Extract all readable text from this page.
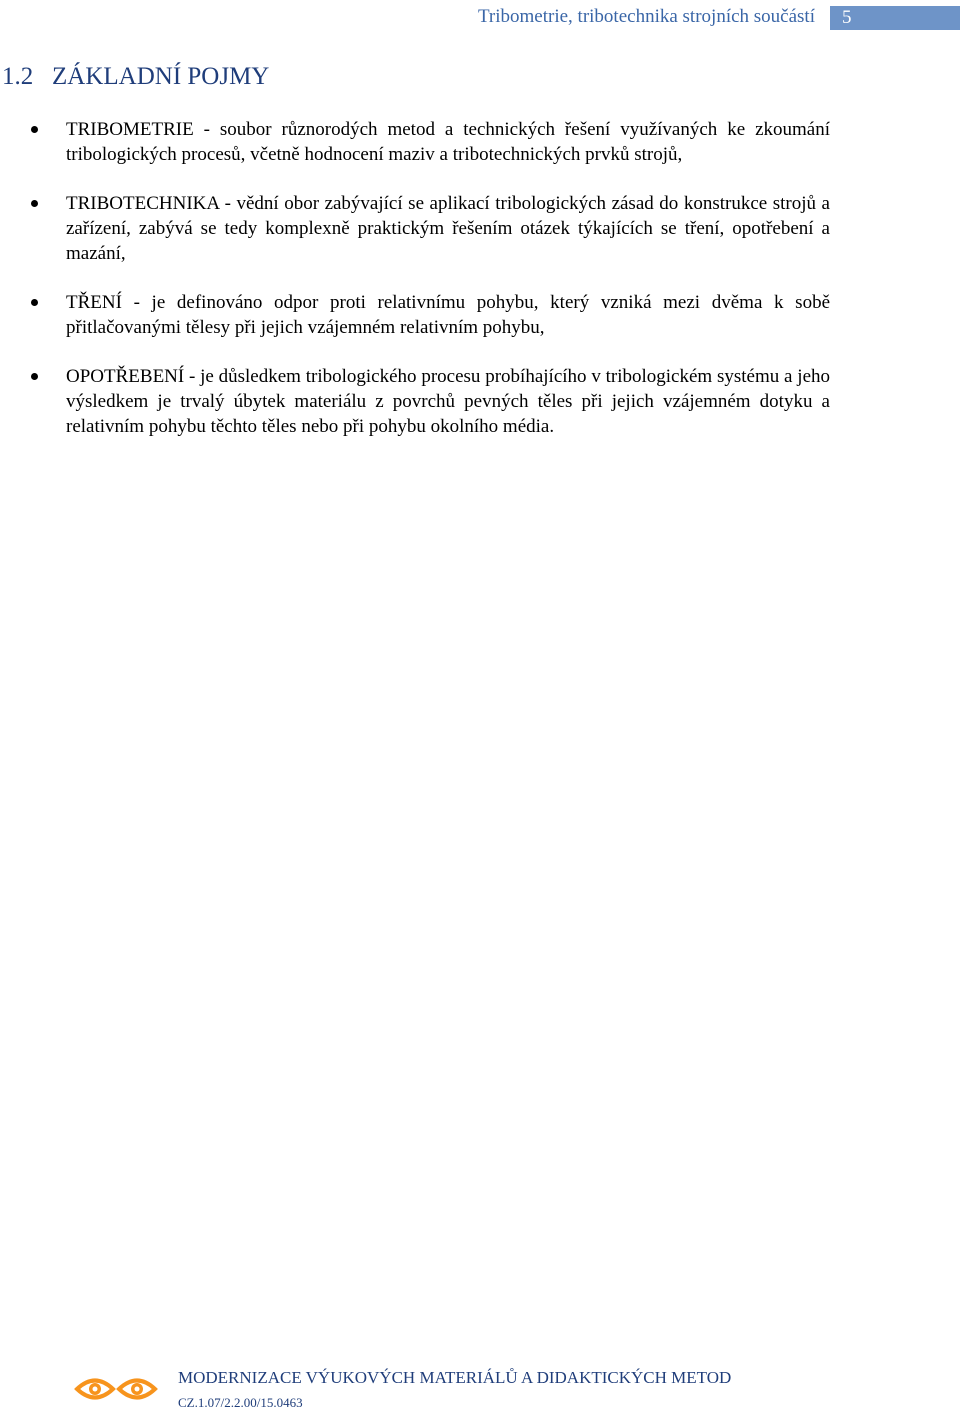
Tribometrie, tribotechnika strojních součástí 5
1.2 ZÁKLADNÍ POJMY
TRIBOMETRIE - soubor různorodých metod a technických řešení využívaných ke zkoumání tribologických procesů, včetně hodnocení maziv a tribotechnických prvků strojů,
TRIBOTECHNIKA - vědní obor zabývající se aplikací tribologických zásad do konstrukce strojů a zařízení, zabývá se tedy komplexně praktickým řešením otázek týkajících se tření, opotřebení a mazání,
TŘENÍ - je definováno odpor proti relativnímu pohybu, který vzniká mezi dvěma k sobě přitlačovanými tělesy při jejich vzájemném relativním pohybu,
OPOTŘEBENÍ - je důsledkem tribologického procesu probíhajícího v tribologickém systému a jeho výsledkem je trvalý úbytek materiálu z povrchů pevných těles při jejich vzájemném dotyku a relativním pohybu těchto těles nebo při pohybu okolního média.
MODERNIZACE VÝUKOVÝCH MATERIÁLŮ A DIDAKTICKÝCH METOD
CZ.1.07/2.2.00/15.0463
